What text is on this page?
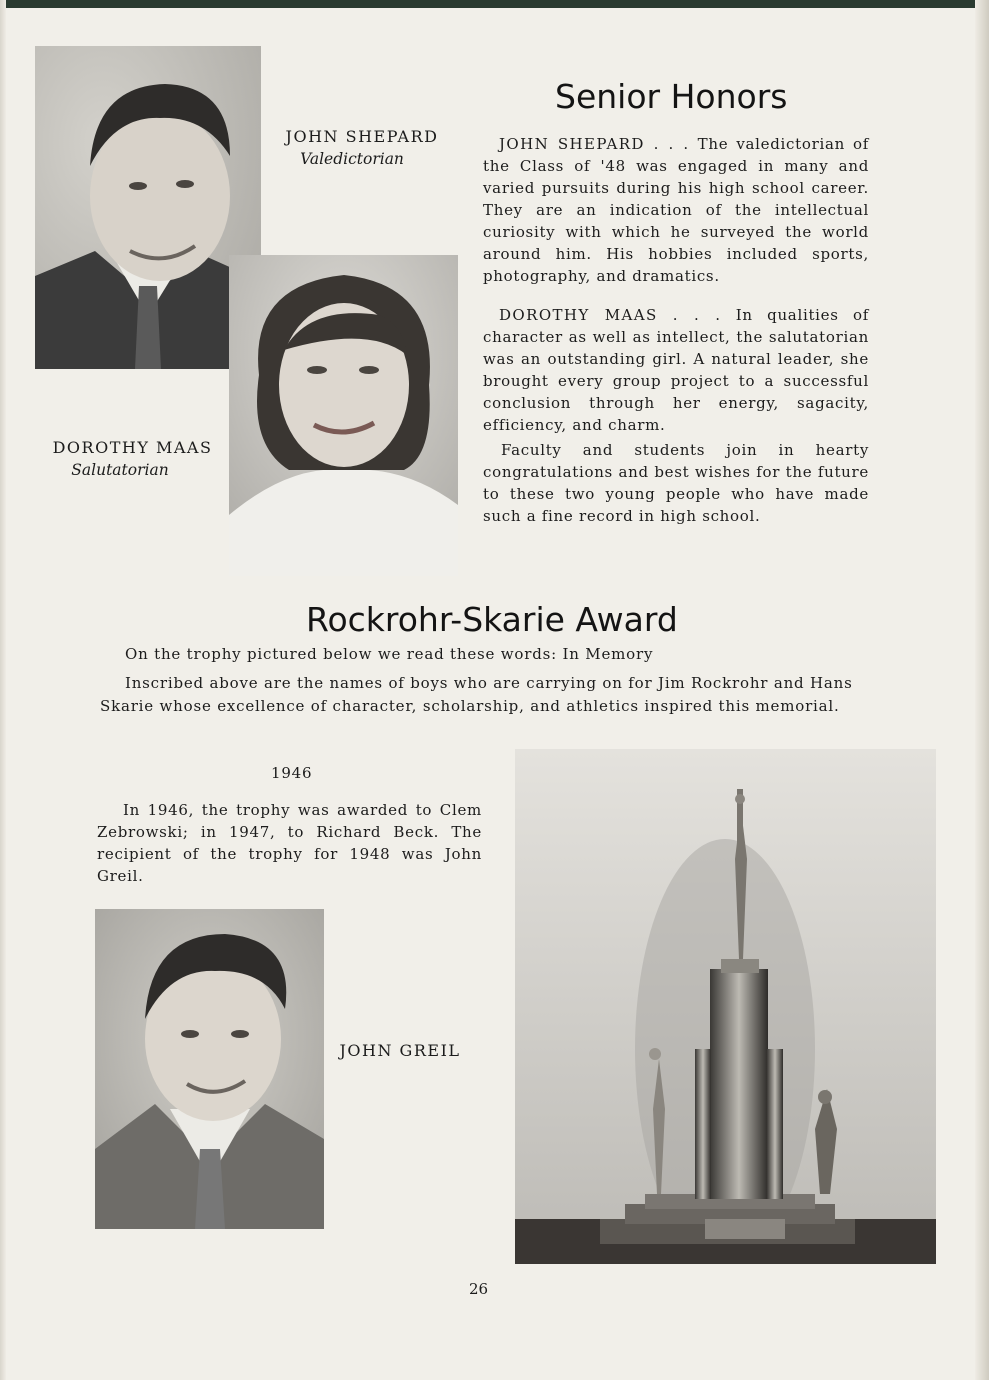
JOHN SHEPARD
Valedictorian
DOROTHY MAAS
Salutatorian
Senior Honors

JOHN SHEPARD . . . The valedictorian of the Class of '48 was engaged in many and varied pursuits during his high school career. They are an indication of the intellectual curiosity with which he surveyed the world around him. His hobbies included sports, photography, and dramatics.

DOROTHY MAAS . . . In qualities of character as well as intellect, the salutatorian was an outstanding girl. A natural leader, she brought every group project to a successful conclusion through her energy, sagacity, efficiency, and charm.

Faculty and students join in hearty congratulations and best wishes for the future to these two young people who have made such a fine record in high school.

Rockrohr-Skarie Award
On the trophy pictured below we read these words: In Memory
Inscribed above are the names of boys who are carrying on for Jim Rockrohr and Hans
Skarie whose excellence of character, scholarship, and athletics inspired this memorial.
1946

In 1946, the trophy was awarded to Clem Zebrowski; in 1947, to Richard Beck. The recipient of the trophy for 1948 was John Greil.

JOHN GREIL
26
